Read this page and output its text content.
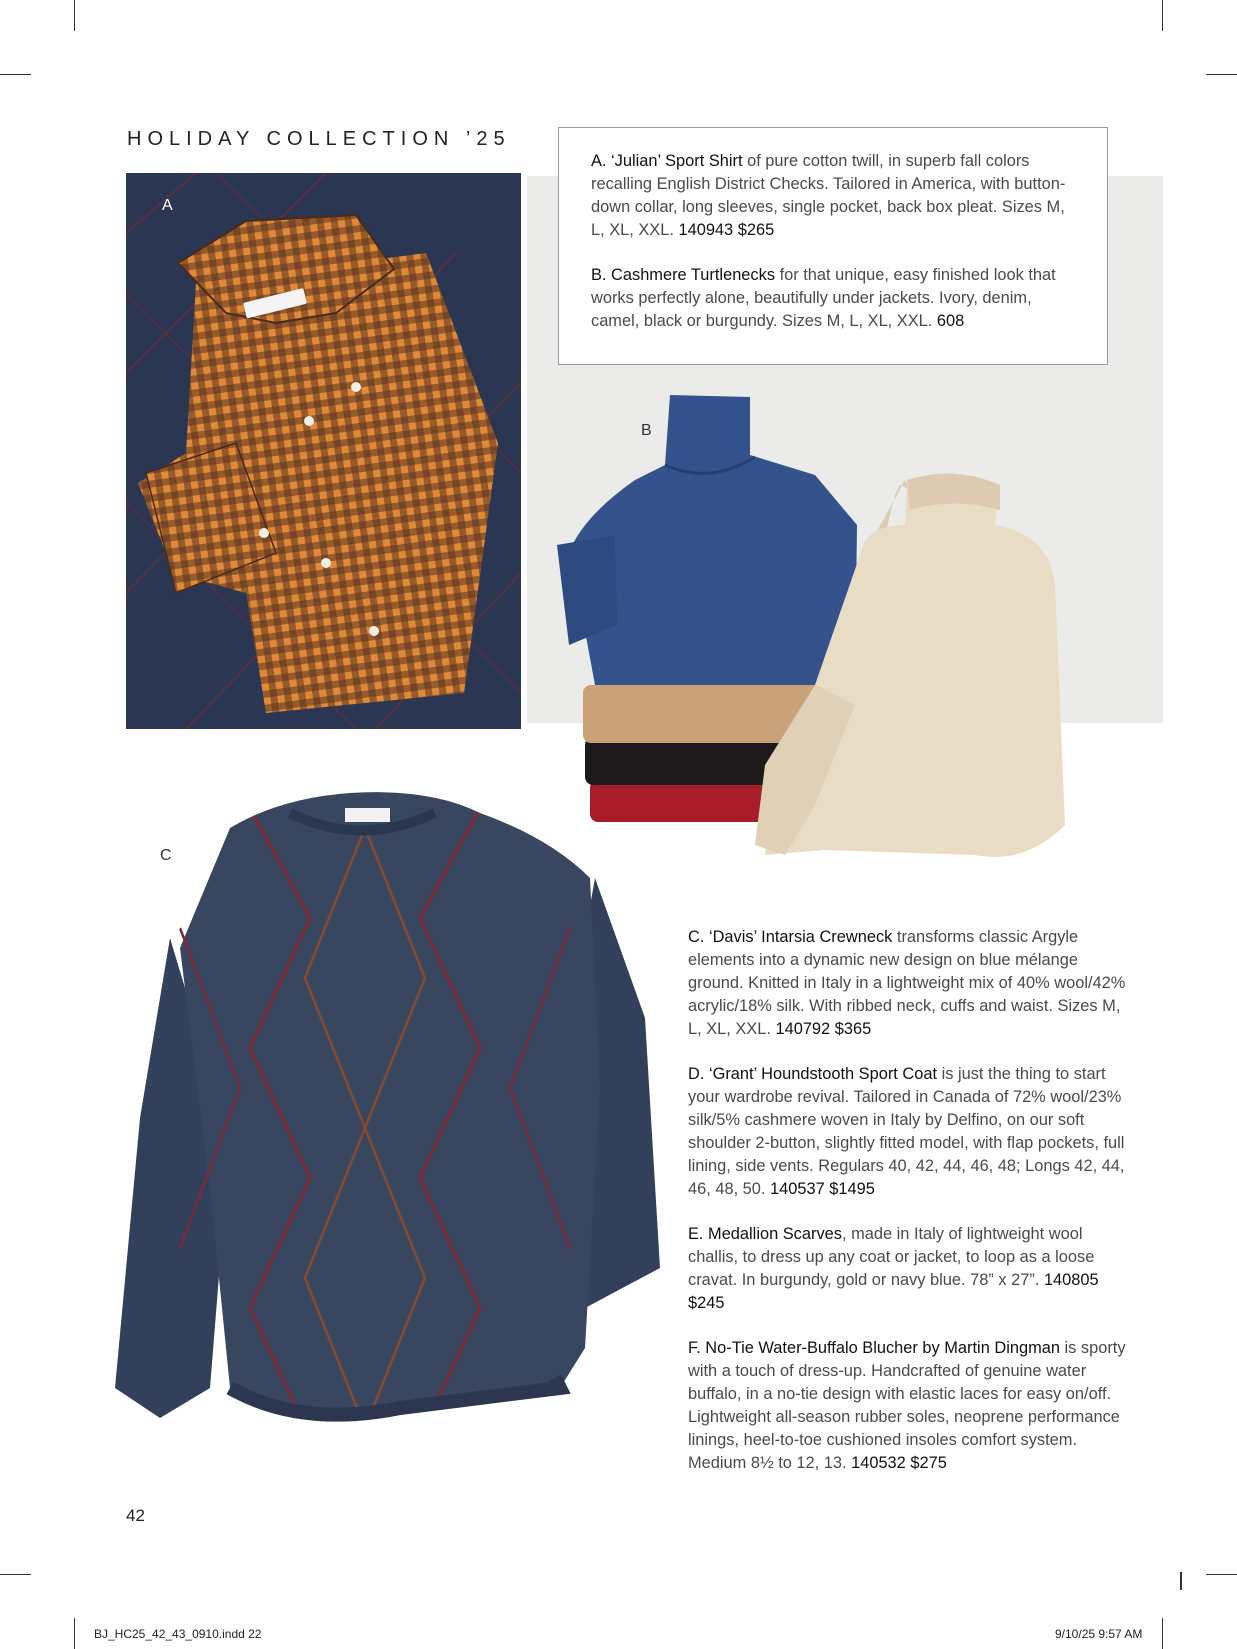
HOLIDAY COLLECTION ’25
A

A. ‘Julian’ Sport Shirt of pure cotton twill, in superb fall colors recalling English District Checks. Tailored in America, with button-down collar, long sleeves, single pocket, back box pleat. Sizes M, L, XL, XXL. 140943 $265

B. Cashmere Turtlenecks for that unique, easy finished look that works perfectly alone, beautifully under jackets. Ivory, denim, camel, black or burgundy. Sizes M, L, XL, XXL. 608

B
C

C. ‘Davis’ Intarsia Crewneck transforms classic Argyle elements into a dynamic new design on blue mélange ground. Knitted in Italy in a lightweight mix of 40% wool/42% acrylic/18% silk. With ribbed neck, cuffs and waist. Sizes M, L, XL, XXL. 140792 $365

D. ‘Grant’ Houndstooth Sport Coat is just the thing to start your wardrobe revival. Tailored in Canada of 72% wool/23% silk/5% cashmere woven in Italy by Delfino, on our soft shoulder 2-button, slightly fitted model, with flap pockets, full lining, side vents. Regulars 40, 42, 44, 46, 48; Longs 42, 44, 46, 48, 50. 140537 $1495

E. Medallion Scarves, made in Italy of lightweight wool challis, to dress up any coat or jacket, to loop as a loose cravat. In burgundy, gold or navy blue. 78” x 27”. 140805 $245

F. No-Tie Water-Buffalo Blucher by Martin Dingman is sporty with a touch of dress-up. Handcrafted of genuine water buffalo, in a no-tie design with elastic laces for easy on/off. Lightweight all-season rubber soles, neoprene performance linings, heel-to-toe cushioned insoles comfort system. Medium 8½ to 12, 13. 140532 $275

42
BJ_HC25_42_43_0910.indd 22	9/10/25 9:57 AM
